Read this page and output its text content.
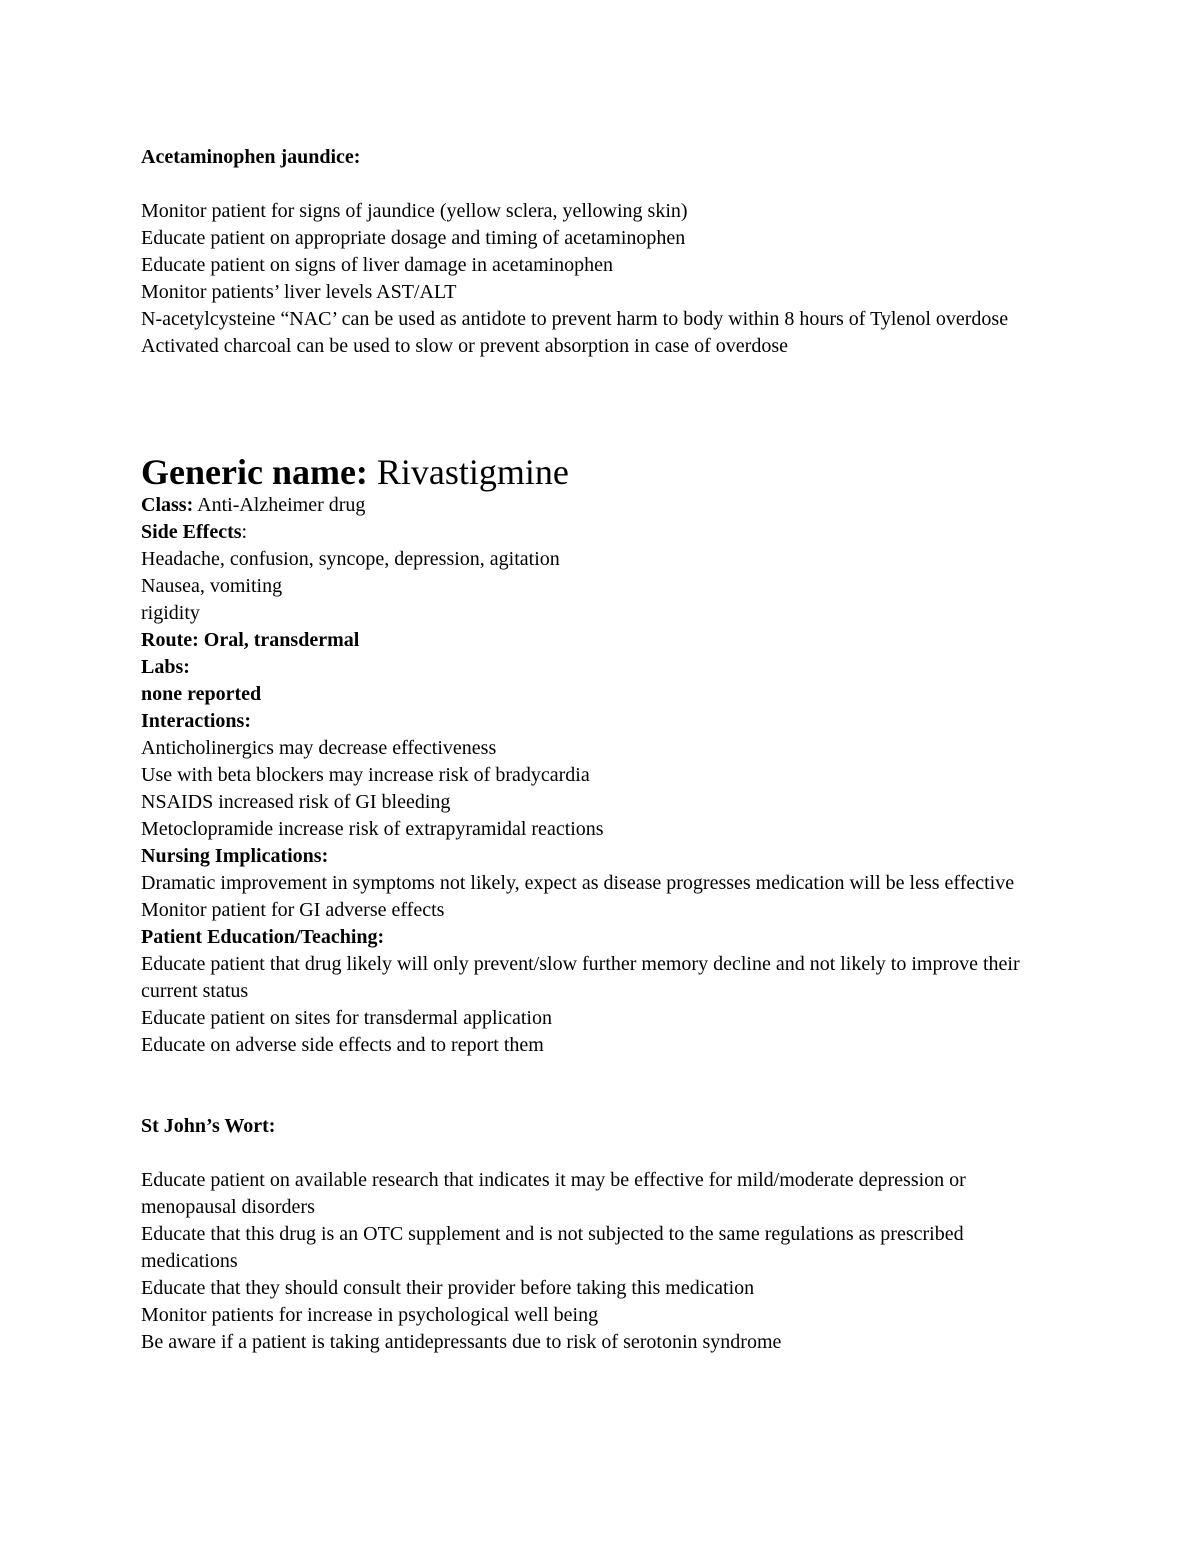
Acetaminophen jaundice:
Monitor patient for signs of jaundice (yellow sclera, yellowing skin)
Educate patient on appropriate dosage and timing of acetaminophen
Educate patient on signs of liver damage in acetaminophen
Monitor patients’ liver levels AST/ALT
N-acetylcysteine “NAC’ can be used as antidote to prevent harm to body within 8 hours of Tylenol overdose
Activated charcoal can be used to slow or prevent absorption in case of overdose
Generic name: Rivastigmine
Class: Anti-Alzheimer drug
Side Effects:
Headache, confusion, syncope, depression, agitation
Nausea, vomiting
rigidity
Route: Oral, transdermal
Labs:
none reported
Interactions:
Anticholinergics may decrease effectiveness
Use with beta blockers may increase risk of bradycardia
NSAIDS increased risk of GI bleeding
Metoclopramide increase risk of extrapyramidal reactions
Nursing Implications:
Dramatic improvement in symptoms not likely, expect as disease progresses medication will be less effective
Monitor patient for GI adverse effects
Patient Education/Teaching:
Educate patient that drug likely will only prevent/slow further memory decline and not likely to improve their current status
Educate patient on sites for transdermal application
Educate on adverse side effects and to report them
St John’s Wort:
Educate patient on available research that indicates it may be effective for mild/moderate depression or menopausal disorders
Educate that this drug is an OTC supplement and is not subjected to the same regulations as prescribed medications
Educate that they should consult their provider before taking this medication
Monitor patients for increase in psychological well being
Be aware if a patient is taking antidepressants due to risk of serotonin syndrome
